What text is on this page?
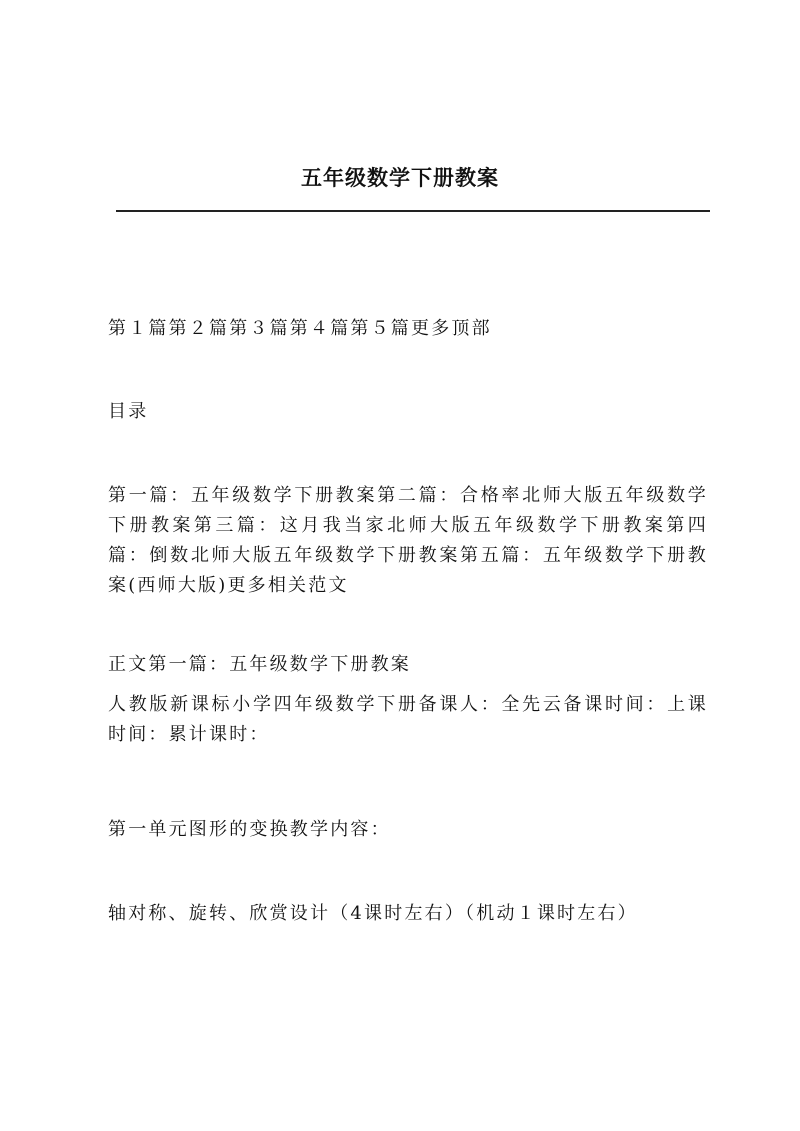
五年级数学下册教案
第１篇第２篇第３篇第４篇第５篇更多顶部
目录
第一篇：五年级数学下册教案第二篇：合格率北师大版五年级数学下册教案第三篇：这月我当家北师大版五年级数学下册教案第四篇：倒数北师大版五年级数学下册教案第五篇：五年级数学下册教案(西师大版)更多相关范文
正文第一篇：五年级数学下册教案
人教版新课标小学四年级数学下册备课人：全先云备课时间：上课时间：累计课时：
第一单元图形的变换教学内容：
轴对称、旋转、欣赏设计（4课时左右）（机动１课时左右）
